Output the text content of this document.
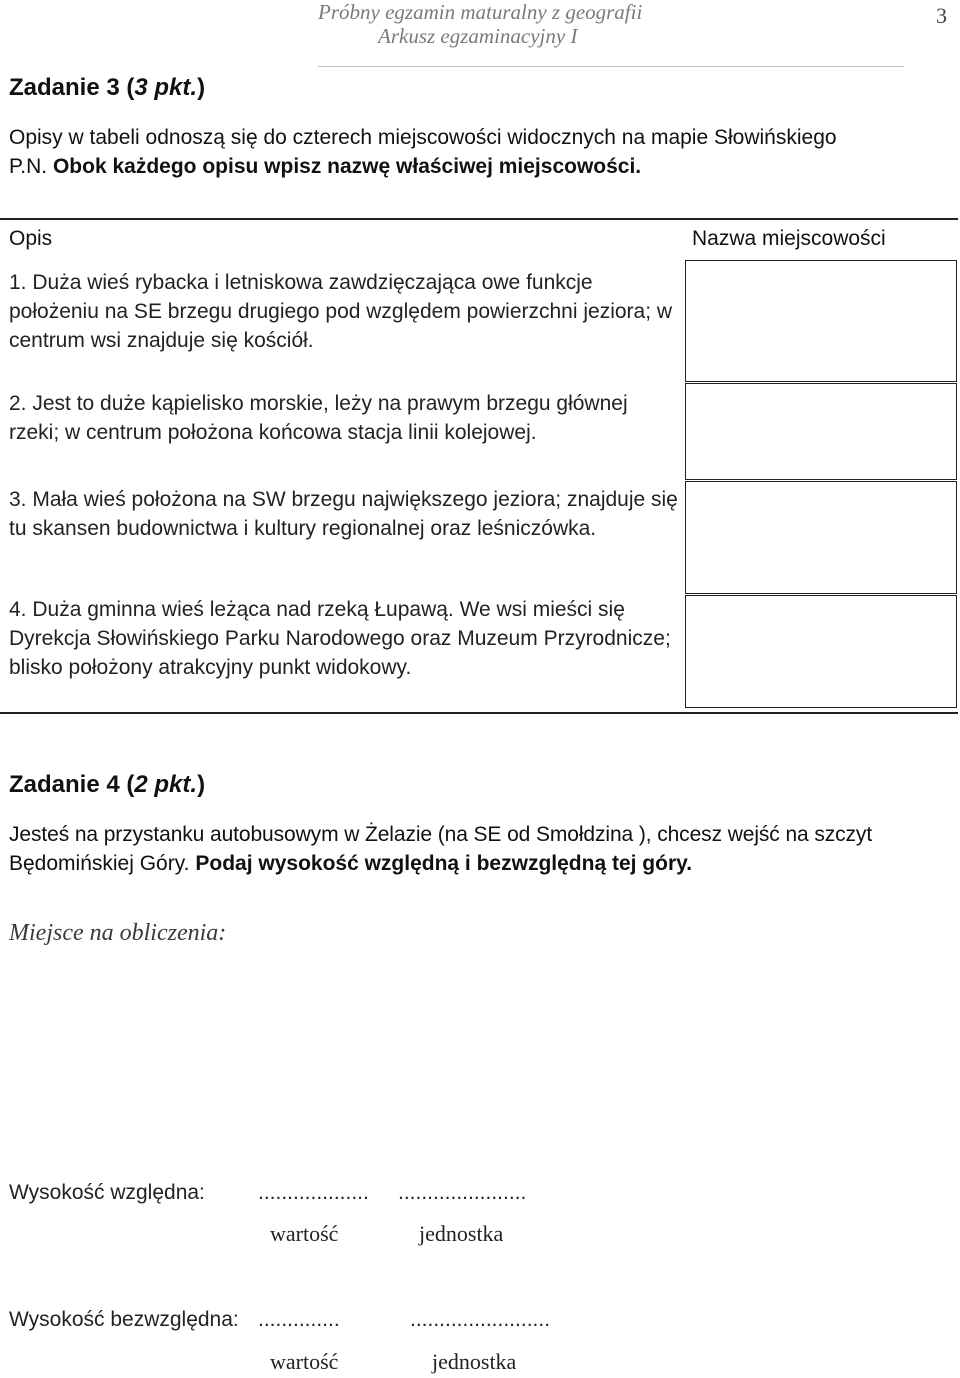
Próbny egzamin maturalny z geografii
Arkusz egzaminacyjny I
3
Zadanie 3 (3 pkt.)
Opisy w tabeli odnoszą się do czterech miejscowości widocznych na mapie Słowińskiego
P.N. Obok każdego opisu wpisz nazwę właściwej miejscowości.
Opis	Nazwa miejscowości
1. Duża wieś rybacka i letniskowa zawdzięczająca owe funkcje położeniu na SE brzegu drugiego pod względem powierzchni jeziora; w centrum wsi znajduje się kościół.
2. Jest to duże kąpielisko morskie, leży na prawym brzegu głównej rzeki; w centrum położona końcowa stacja linii kolejowej.
3. Mała wieś położona na SW brzegu największego jeziora; znajduje się tu skansen budownictwa i kultury regionalnej oraz leśniczówka.
4. Duża gminna wieś leżąca nad rzeką Łupawą. We wsi mieści się Dyrekcja Słowińskiego Parku Narodowego oraz Muzeum Przyrodnicze; blisko położony atrakcyjny punkt widokowy.
Zadanie 4 (2 pkt.)
Jesteś na przystanku autobusowym w Żelazie (na SE od Smołdzina ), chcesz wejść na szczyt
Będomińskiej Góry. Podaj wysokość względną i bezwzględną tej góry.
Miejsce na obliczenia:
Wysokość względna:	................... ......................
wartość	jednostka
Wysokość bezwzględna: ..............	........................
wartość	jednostka
